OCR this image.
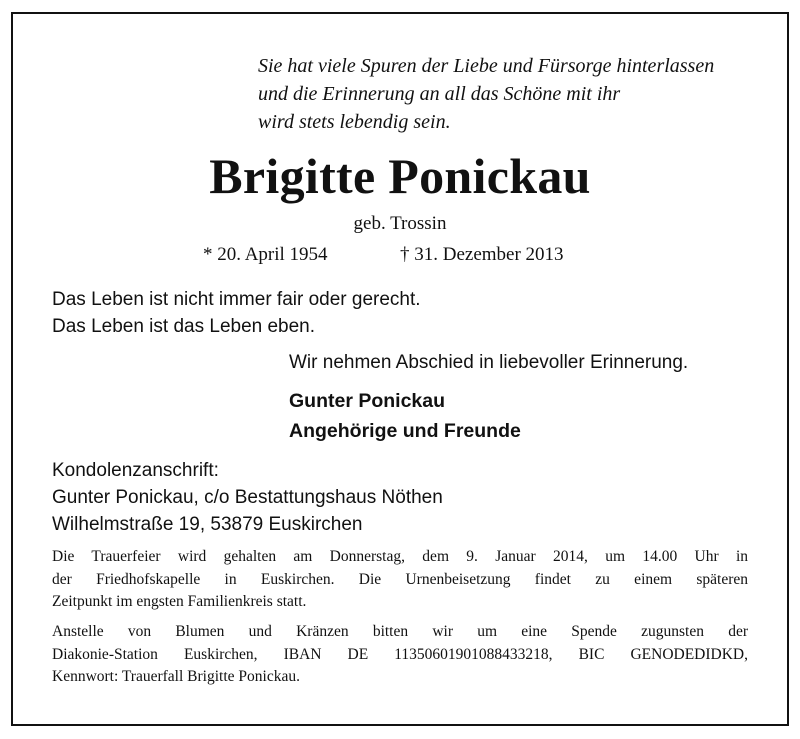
Sie hat viele Spuren der Liebe und Fürsorge hinterlassen
und die Erinnerung an all das Schöne mit ihr
wird stets lebendig sein.

Brigitte Ponickau

geb. Trossin

* 20. April 1954	† 31. Dezember 2013

Das Leben ist nicht immer fair oder gerecht.
Das Leben ist das Leben eben.

Wir nehmen Abschied in liebevoller Erinnerung.

Gunter Ponickau
Angehörige und Freunde

Kondolenzanschrift:
Gunter Ponickau, c/o Bestattungshaus Nöthen
Wilhelmstraße 19, 53879 Euskirchen

Die Trauerfeier wird gehalten am Donnerstag, dem 9. Januar 2014, um 14.00 Uhr in
der Friedhofskapelle in Euskirchen. Die Urnenbeisetzung findet zu einem späteren
Zeitpunkt im engsten Familienkreis statt.
Anstelle von Blumen und Kränzen bitten wir um eine Spende zugunsten der
Diakonie-Station Euskirchen, IBAN DE 11350601901088433218, BIC GENODEDIDKD,
Kennwort: Trauerfall Brigitte Ponickau.
